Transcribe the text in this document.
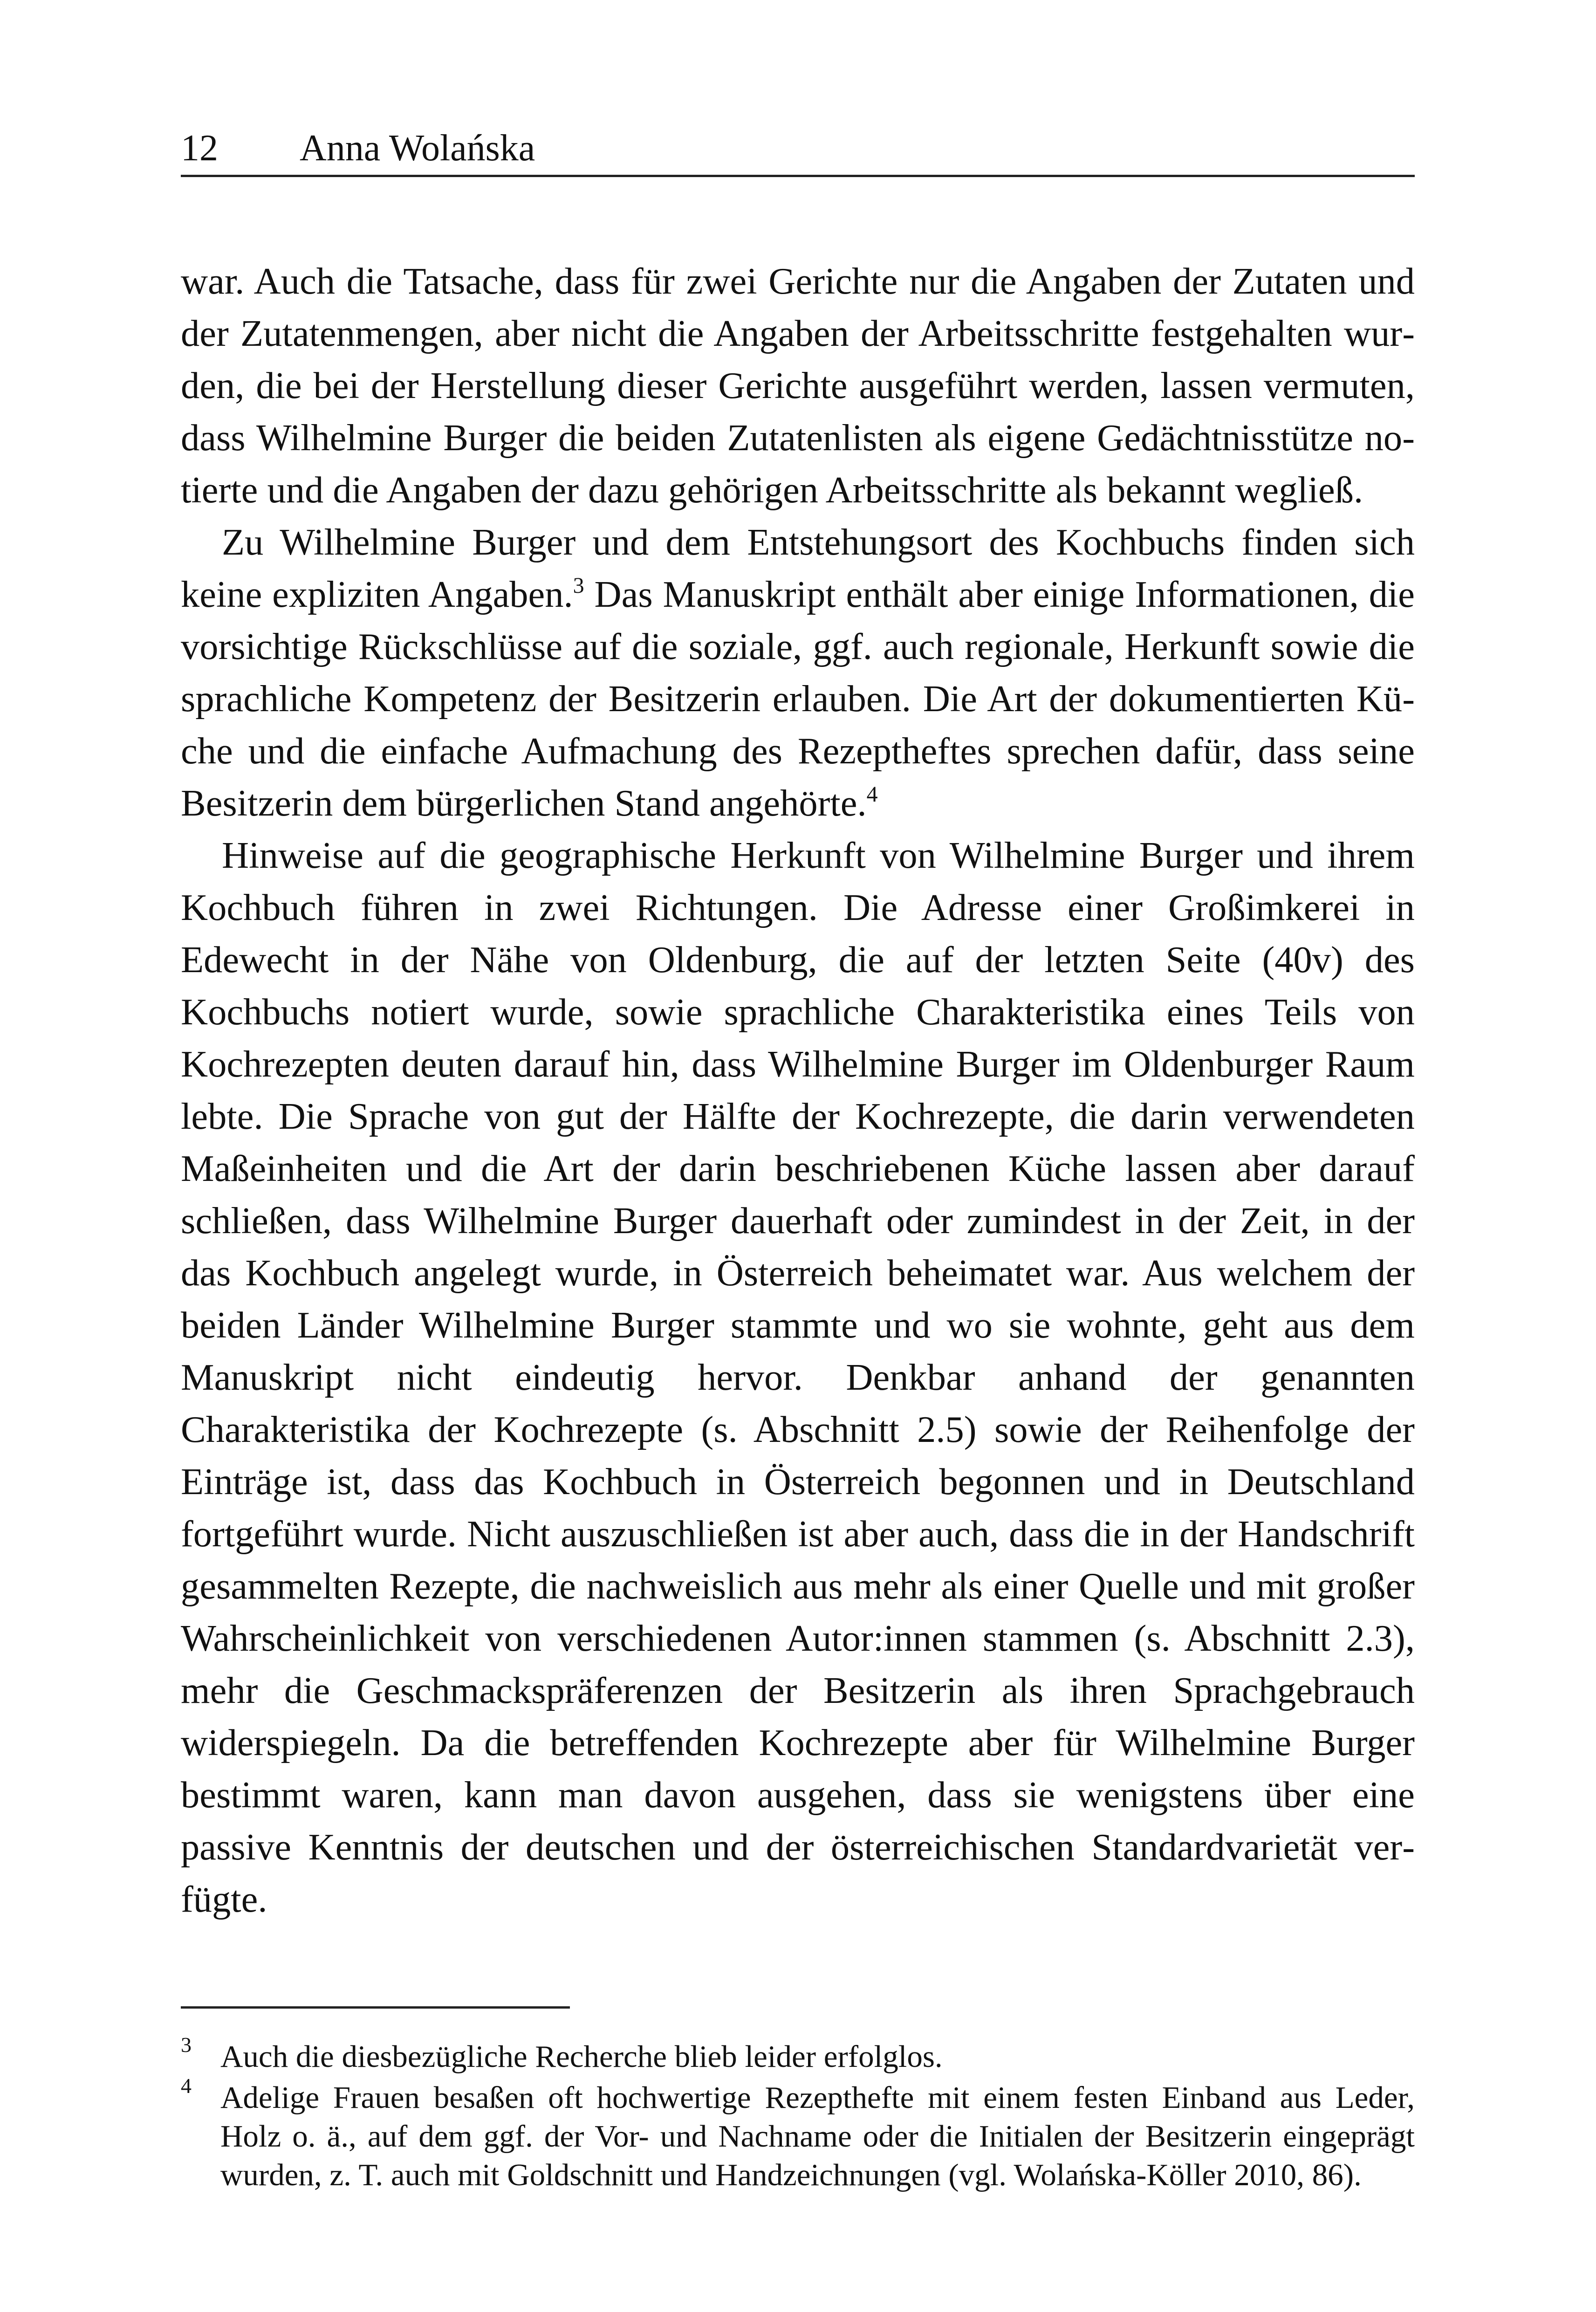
12 Anna Wolańska

war. Auch die Tatsache, dass für zwei Gerichte nur die Angaben der Zutaten und der Zutatenmengen, aber nicht die Angaben der Arbeitsschritte festgehalten wurden, die bei der Herstellung dieser Gerichte ausgeführt werden, lassen vermuten, dass Wilhelmine Burger die beiden Zutatenlisten als eigene Gedächtnisstütze notierte und die Angaben der dazu gehörigen Arbeitsschritte als bekannt wegließ.

Zu Wilhelmine Burger und dem Entstehungsort des Kochbuchs finden sich keine expliziten Angaben.$^3$ Das Manuskript enthält aber einige Informationen, die vorsichtige Rückschlüsse auf die soziale, ggf. auch regionale, Herkunft sowie die sprachliche Kompetenz der Besitzerin erlauben. Die Art der dokumentierten Küche und die einfache Aufmachung des Rezeptheftes sprechen dafür, dass seine Besitzerin dem bürgerlichen Stand angehörte.$^4$

Hinweise auf die geographische Herkunft von Wilhelmine Burger und ihrem Kochbuch führen in zwei Richtungen. Die Adresse einer Großimkerei in Edewecht in der Nähe von Oldenburg, die auf der letzten Seite (40v) des Kochbuchs notiert wurde, sowie sprachliche Charakteristika eines Teils von Kochrezepten deuten darauf hin, dass Wilhelmine Burger im Oldenburger Raum lebte. Die Sprache von gut der Hälfte der Kochrezepte, die darin verwendeten Maßeinheiten und die Art der darin beschriebenen Küche lassen aber darauf schließen, dass Wilhelmine Burger dauerhaft oder zumindest in der Zeit, in der das Kochbuch angelegt wurde, in Österreich beheimatet war. Aus welchem der beiden Länder Wilhelmine Burger stammte und wo sie wohnte, geht aus dem Manuskript nicht eindeutig hervor. Denkbar anhand der genannten Charakteristika der Kochrezepte (s. Abschnitt 2.5) sowie der Reihenfolge der Einträge ist, dass das Kochbuch in Österreich begonnen und in Deutschland fortgeführt wurde. Nicht auszuschließen ist aber auch, dass die in der Handschrift gesammelten Rezepte, die nachweislich aus mehr als einer Quelle und mit großer Wahrscheinlichkeit von verschiedenen Autor:innen stammen (s. Abschnitt 2.3), mehr die Geschmackspräferenzen der Besitzerin als ihren Sprachgebrauch widerspiegeln. Da die betreffenden Kochrezepte aber für Wilhelmine Burger bestimmt waren, kann man davon ausgehen, dass sie wenigstens über eine passive Kenntnis der deutschen und der österreichischen Standardvarietät verfügte.

3 Auch die diesbezügliche Recherche blieb leider erfolglos.
4 Adelige Frauen besaßen oft hochwertige Rezepthefte mit einem festen Einband aus Leder, Holz o. ä., auf dem ggf. der Vor- und Nachname oder die Initialen der Besitzerin eingeprägt wurden, z. T. auch mit Goldschnitt und Handzeichnungen (vgl. Wolańska-Köller 2010, 86).
